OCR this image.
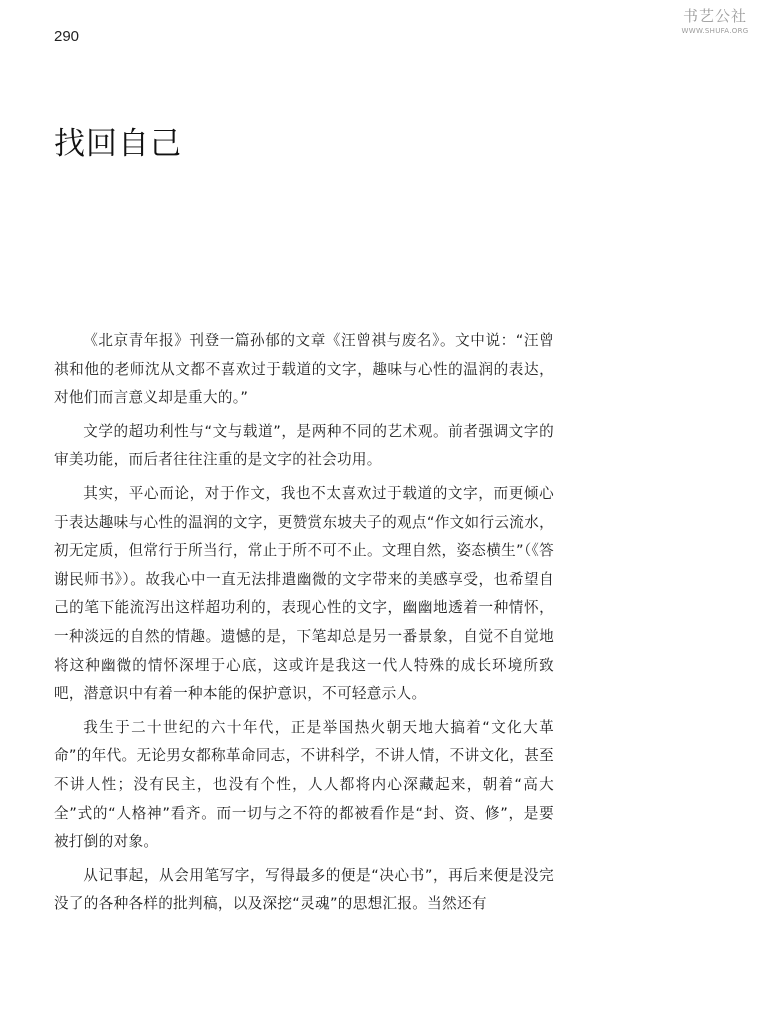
290
书艺公社
WWW.SHUFA.ORG
找回自己

《北京青年报》刊登一篇孙郁的文章《汪曾祺与废名》。文中说：“汪曾祺和他的老师沈从文都不喜欢过于载道的文字，趣味与心性的温润的表达，对他们而言意义却是重大的。”

文学的超功利性与“文与载道”，是两种不同的艺术观。前者强调文字的审美功能，而后者往往注重的是文字的社会功用。

其实，平心而论，对于作文，我也不太喜欢过于载道的文字，而更倾心于表达趣味与心性的温润的文字，更赞赏东坡夫子的观点“作文如行云流水，初无定质，但常行于所当行，常止于所不可不止。文理自然，姿态横生”（《答谢民师书》）。故我心中一直无法排遣幽微的文字带来的美感享受，也希望自己的笔下能流泻出这样超功利的，表现心性的文字，幽幽地透着一种情怀，一种淡远的自然的情趣。遗憾的是，下笔却总是另一番景象，自觉不自觉地将这种幽微的情怀深埋于心底，这或许是我这一代人特殊的成长环境所致吧，潜意识中有着一种本能的保护意识，不可轻意示人。

我生于二十世纪的六十年代，正是举国热火朝天地大搞着“文化大革命”的年代。无论男女都称革命同志，不讲科学，不讲人情，不讲文化，甚至不讲人性；没有民主，也没有个性，人人都将内心深藏起来，朝着“高大全”式的“人格神”看齐。而一切与之不符的都被看作是“封、资、修”，是要被打倒的对象。

从记事起，从会用笔写字，写得最多的便是“决心书”，再后来便是没完没了的各种各样的批判稿，以及深挖“灵魂”的思想汇报。当然还有
